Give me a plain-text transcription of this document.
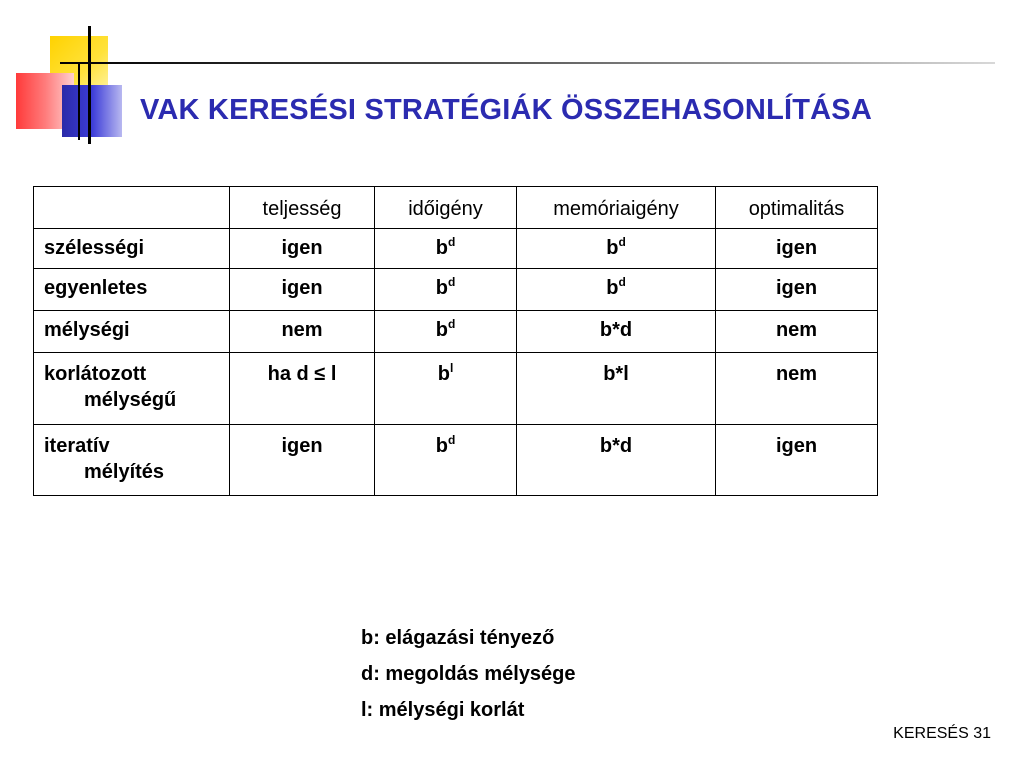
VAK KERESÉSI STRATÉGIÁK ÖSSZEHASONLÍTÁSA
	teljesség	időigény	memóriaigény	optimalitás
szélességi	igen	$b^d$	$b^d$	igen
egyenletes	igen	$b^d$	$b^d$	igen
mélységi	nem	$b^d$	b*d	nem
korlátozott
mélységű	ha d ≤ l	$b^l$	b*l	nem
iteratív
mélyítés	igen	$b^d$	b*d	igen
b: elágazási tényező
d: megoldás mélysége
l: mélységi korlát
KERESÉS 31
